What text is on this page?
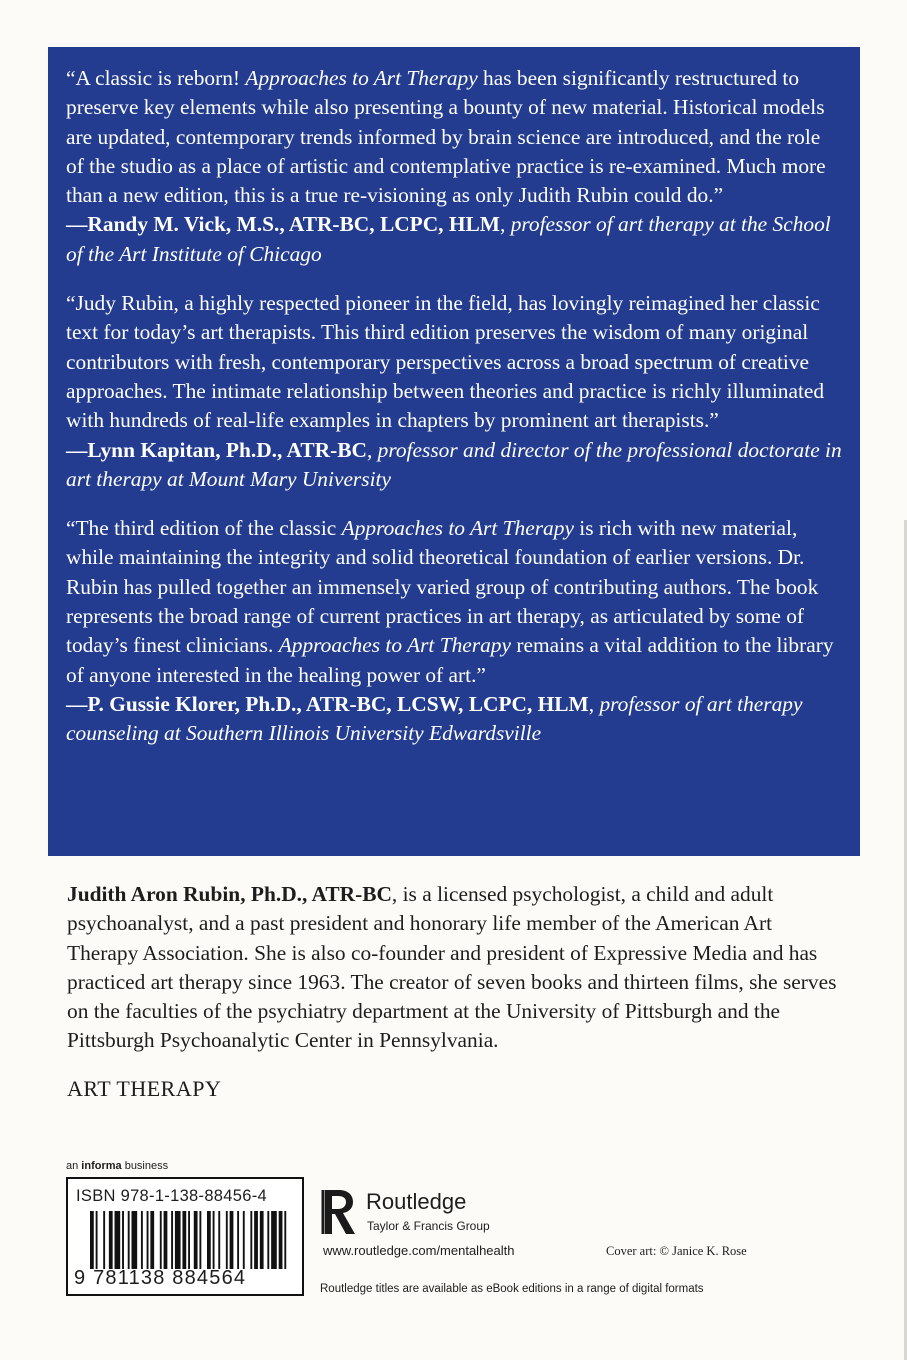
“A classic is reborn! Approaches to Art Therapy has been significantly restructured to preserve key elements while also presenting a bounty of new material. Historical models are updated, contemporary trends informed by brain science are introduced, and the role of the studio as a place of artistic and contemplative practice is re-examined. Much more than a new edition, this is a true re-visioning as only Judith Rubin could do.”

—Randy M. Vick, M.S., ATR-BC, LCPC, HLM, professor of art therapy at the School of the Art Institute of Chicago

“Judy Rubin, a highly respected pioneer in the field, has lovingly reimagined her classic text for today’s art therapists. This third edition preserves the wisdom of many original contributors with fresh, contemporary perspectives across a broad spectrum of creative approaches. The intimate relationship between theories and practice is richly illuminated with hundreds of real-life examples in chapters by prominent art therapists.”

—Lynn Kapitan, Ph.D., ATR-BC, professor and director of the professional doctorate in art therapy at Mount Mary University

“The third edition of the classic Approaches to Art Therapy is rich with new material, while maintaining the integrity and solid theoretical foundation of earlier versions. Dr. Rubin has pulled together an immensely varied group of contributing authors. The book represents the broad range of current practices in art therapy, as articulated by some of today’s finest clinicians. Approaches to Art Therapy remains a vital addition to the library of anyone interested in the healing power of art.”

—P. Gussie Klorer, Ph.D., ATR-BC, LCSW, LCPC, HLM, professor of art therapy counseling at Southern Illinois University Edwardsville

Judith Aron Rubin, Ph.D., ATR-BC, is a licensed psychologist, a child and adult psychoanalyst, and a past president and honorary life member of the American Art Therapy Association. She is also co-founder and president of Expressive Media and has practiced art therapy since 1963. The creator of seven books and thirteen films, she serves on the faculties of the psychiatry department at the University of Pittsburgh and the Pittsburgh Psychoanalytic Center in Pennsylvania.
ART THERAPY
an informa business
ISBN 978-1-138-88456-4
9 781138 884564
Routledge
Taylor & Francis Group
www.routledge.com/mentalhealth	Cover art: © Janice K. Rose
Routledge titles are available as eBook editions in a range of digital formats
